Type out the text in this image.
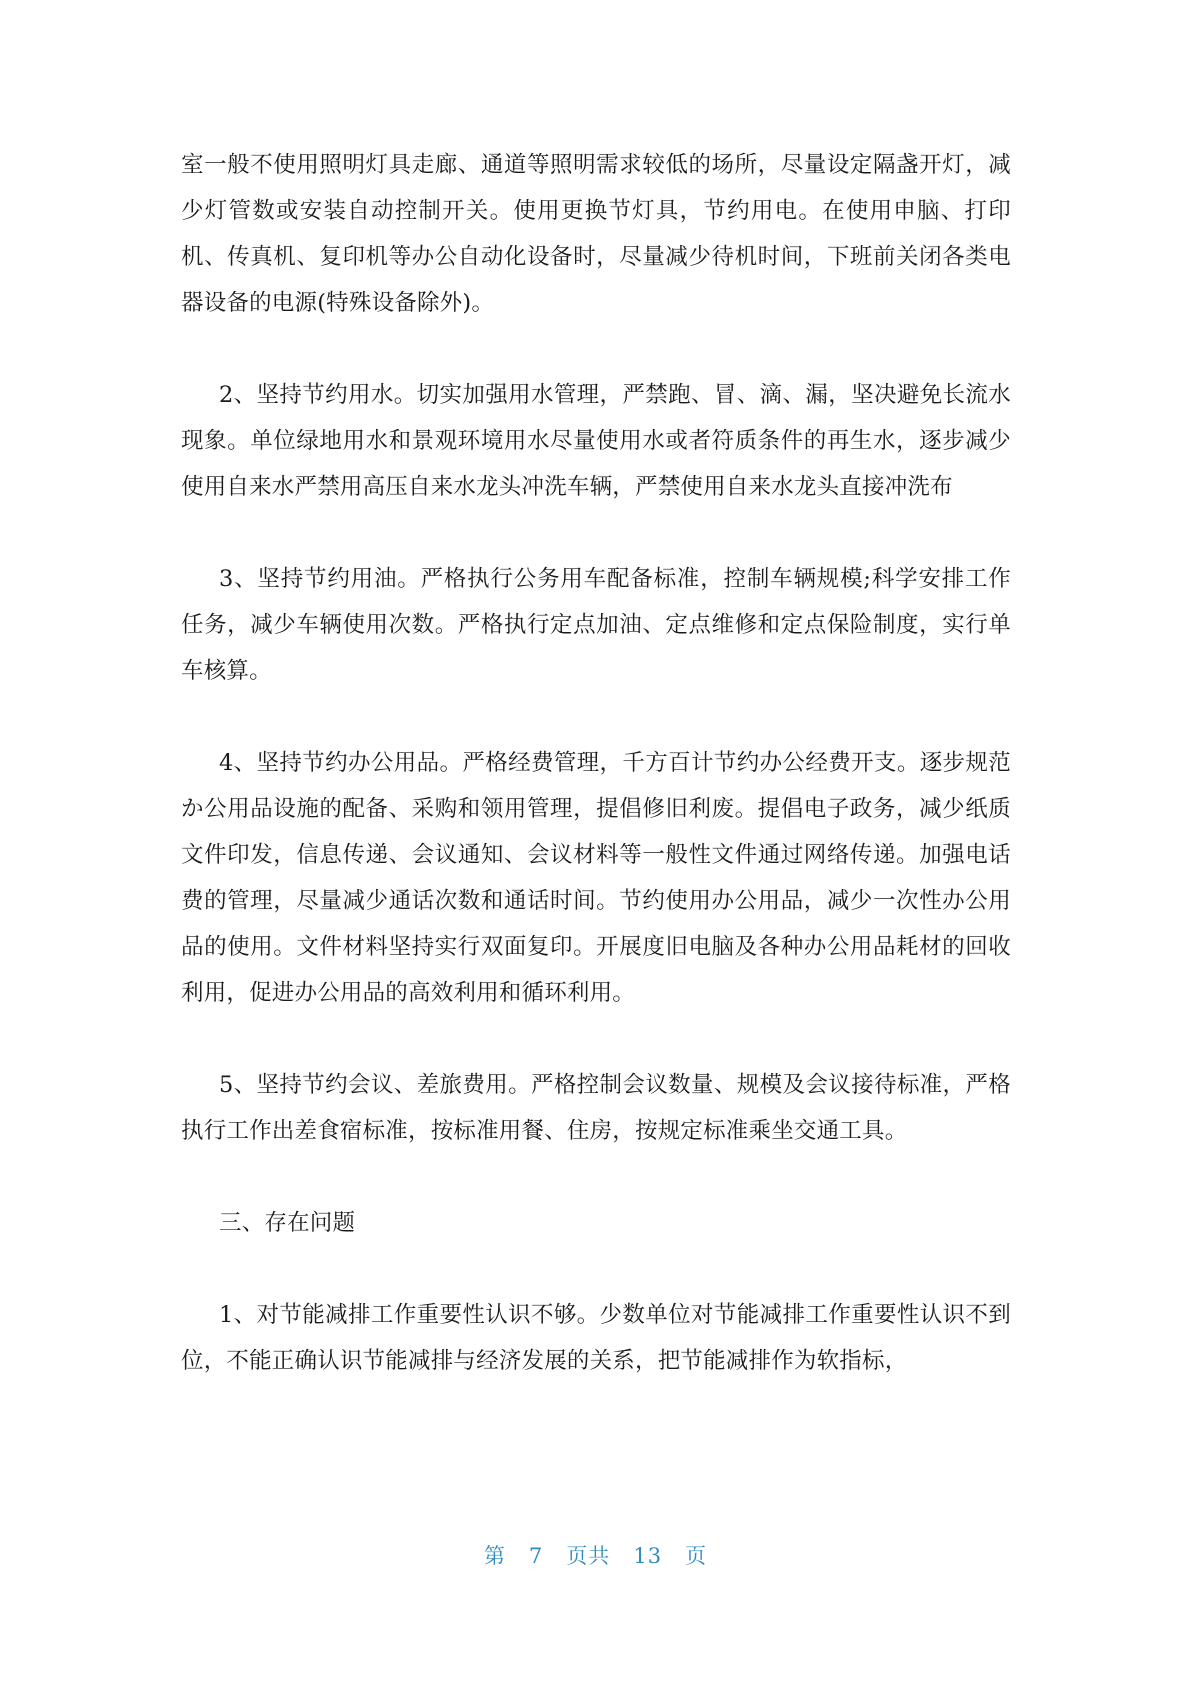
室一般不使用照明灯具走廊、通道等照明需求较低的场所，尽量设定隔盏开灯，减少灯管数或安装自动控制开关。使用更换节灯具，节约用电。在使用申脑、打印机、传真机、复印机等办公自动化设备时，尽量减少待机时间，下班前关闭各类电器设备的电源(特殊设备除外)。

2、坚持节约用水。切实加强用水管理，严禁跑、冒、滴、漏，坚决避免长流水现象。单位绿地用水和景观环境用水尽量使用水或者符质条件的再生水，逐步减少使用自来水严禁用高压自来水龙头冲洗车辆，严禁使用自来水龙头直接冲洗布

3、坚持节约用油。严格执行公务用车配备标准，控制车辆规模;科学安排工作任务，减少车辆使用次数。严格执行定点加油、定点维修和定点保险制度，实行单车核算。

4、坚持节约办公用品。严格经费管理，千方百计节约办公经费开支。逐步规范か公用品设施的配备、采购和领用管理，提倡修旧利废。提倡电子政务，减少纸质文件印发，信息传递、会议通知、会议材料等一般性文件通过网络传递。加强电话费的管理，尽量减少通话次数和通话时间。节约使用办公用品，减少一次性办公用品的使用。文件材料坚持实行双面复印。开展度旧电脑及各种办公用品耗材的回收利用，促进办公用品的高效利用和循环利用。

5、坚持节约会议、差旅费用。严格控制会议数量、规模及会议接待标准，严格执行工作出差食宿标准，按标准用餐、住房，按规定标准乘坐交通工具。

三、存在问题

1、对节能减排工作重要性认识不够。少数单位对节能减排工作重要性认识不到位，不能正确认识节能减排与经济发展的关系，把节能减排作为软指标，

第 7 页共 13 页
